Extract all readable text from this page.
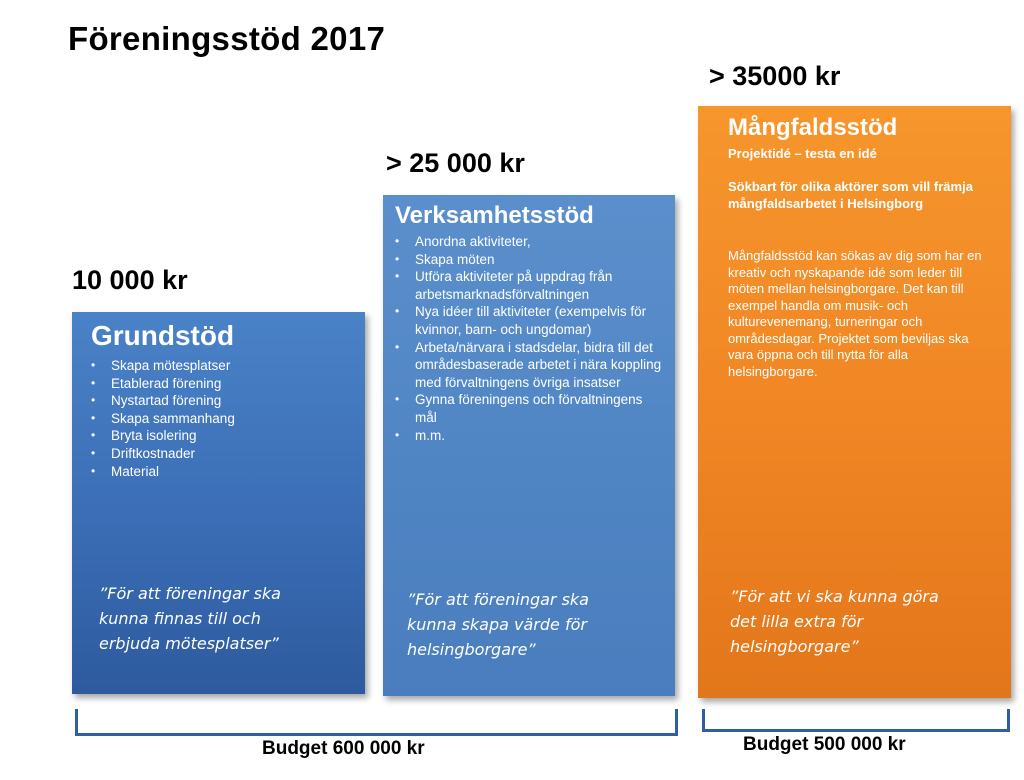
Föreningsstöd 2017
10 000 kr
> 25 000 kr
> 35000 kr
Grundstöd
• Skapa mötesplatser
• Etablerad förening
• Nystartad förening
• Skapa sammanhang
• Bryta isolering
• Driftkostnader
• Material
”För att föreningar ska kunna finnas till och erbjuda mötesplatser”
Verksamhetsstöd
• Anordna aktiviteter,
• Skapa möten
• Utföra aktiviteter på uppdrag från arbetsmarknadsförvaltningen
• Nya idéer till aktiviteter (exempelvis för kvinnor, barn- och ungdomar)
• Arbeta/närvara i stadsdelar, bidra till det områdesbaserade arbetet i nära koppling med förvaltningens övriga insatser
• Gynna föreningens och förvaltningens mål
• m.m.
”För att föreningar ska kunna skapa värde för helsingborgare”
Mångfaldsstöd
Projektidé – testa en idé
Sökbart för olika aktörer som vill främja mångfaldsarbetet i Helsingborg
Mångfaldsstöd kan sökas av dig som har en kreativ och nyskapande idé som leder till möten mellan helsingborgare. Det kan till exempel handla om musik- och kulturevenemang, turneringar och områdesdagar. Projektet som beviljas ska vara öppna och till nytta för alla helsingborgare.
”För att vi ska kunna göra det lilla extra för helsingborgare”
Budget 600 000 kr	Budget 500 000 kr
